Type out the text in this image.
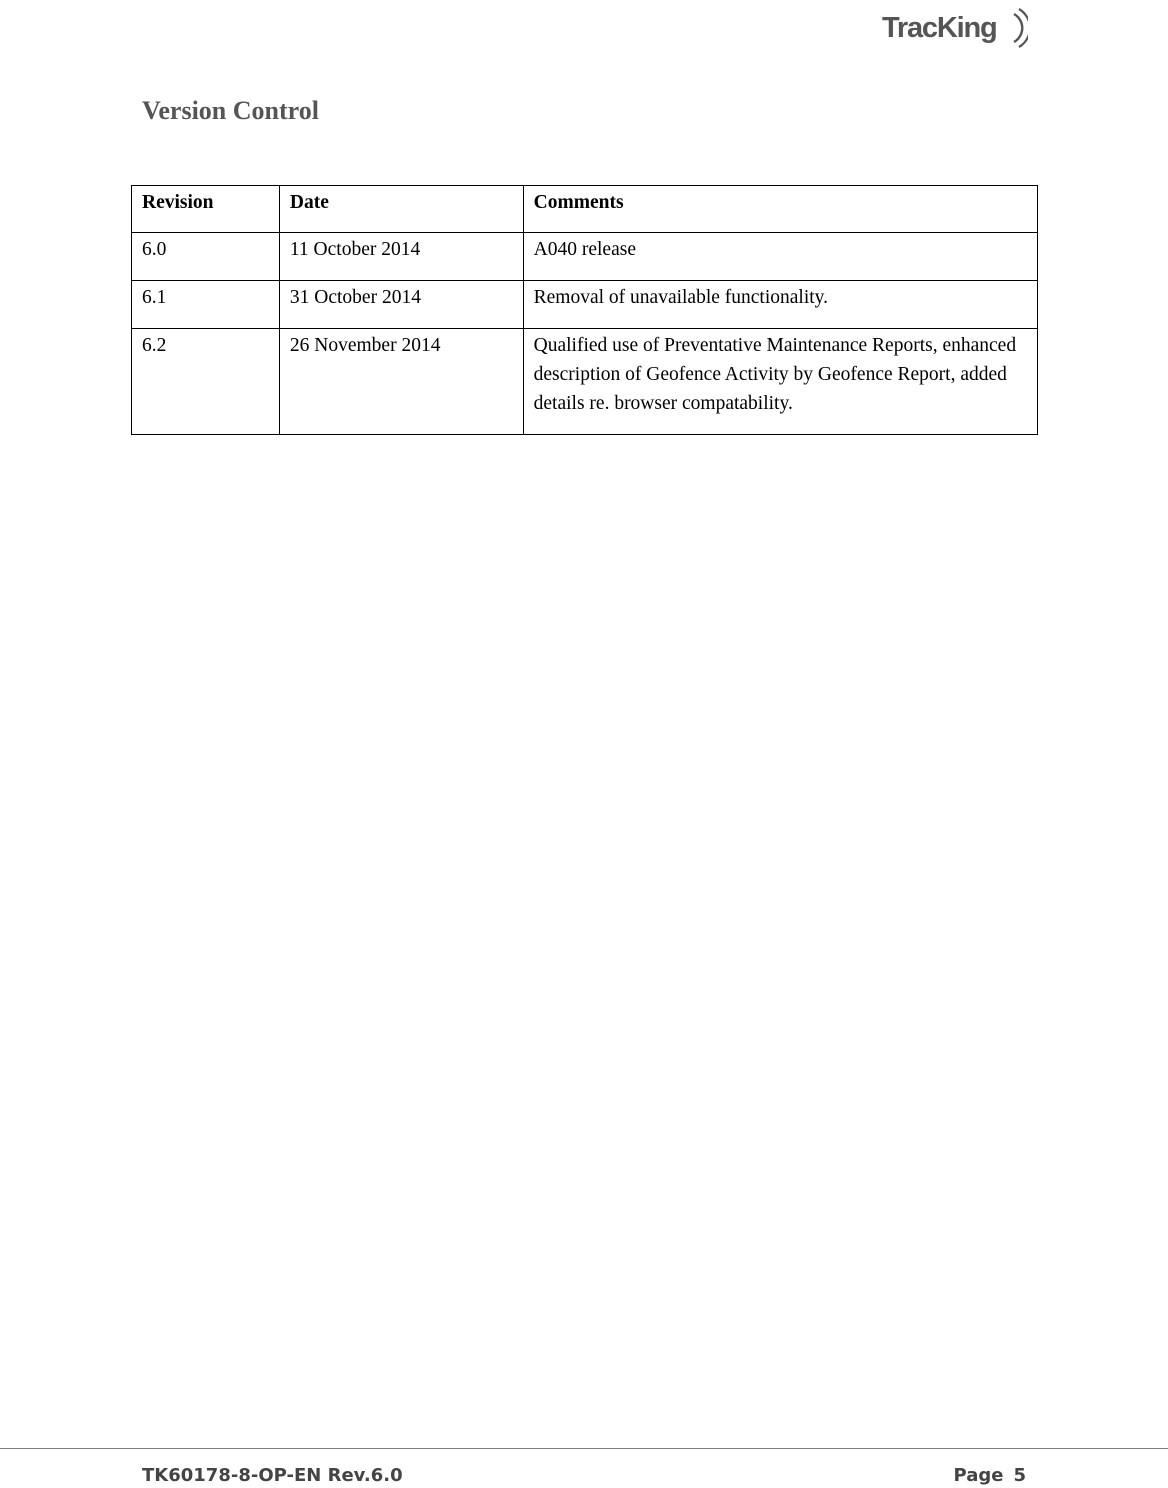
TracKing
Version Control
Revision	Date	Comments
6.0	11 October 2014	A040 release
6.1	31 October 2014	Removal of unavailable functionality.
6.2	26 November 2014	Qualified use of Preventative Maintenance Reports, enhanced description of Geofence Activity by Geofence Report, added details re. browser compatability.
TK60178-8-OP-EN Rev.6.0	Page 5
